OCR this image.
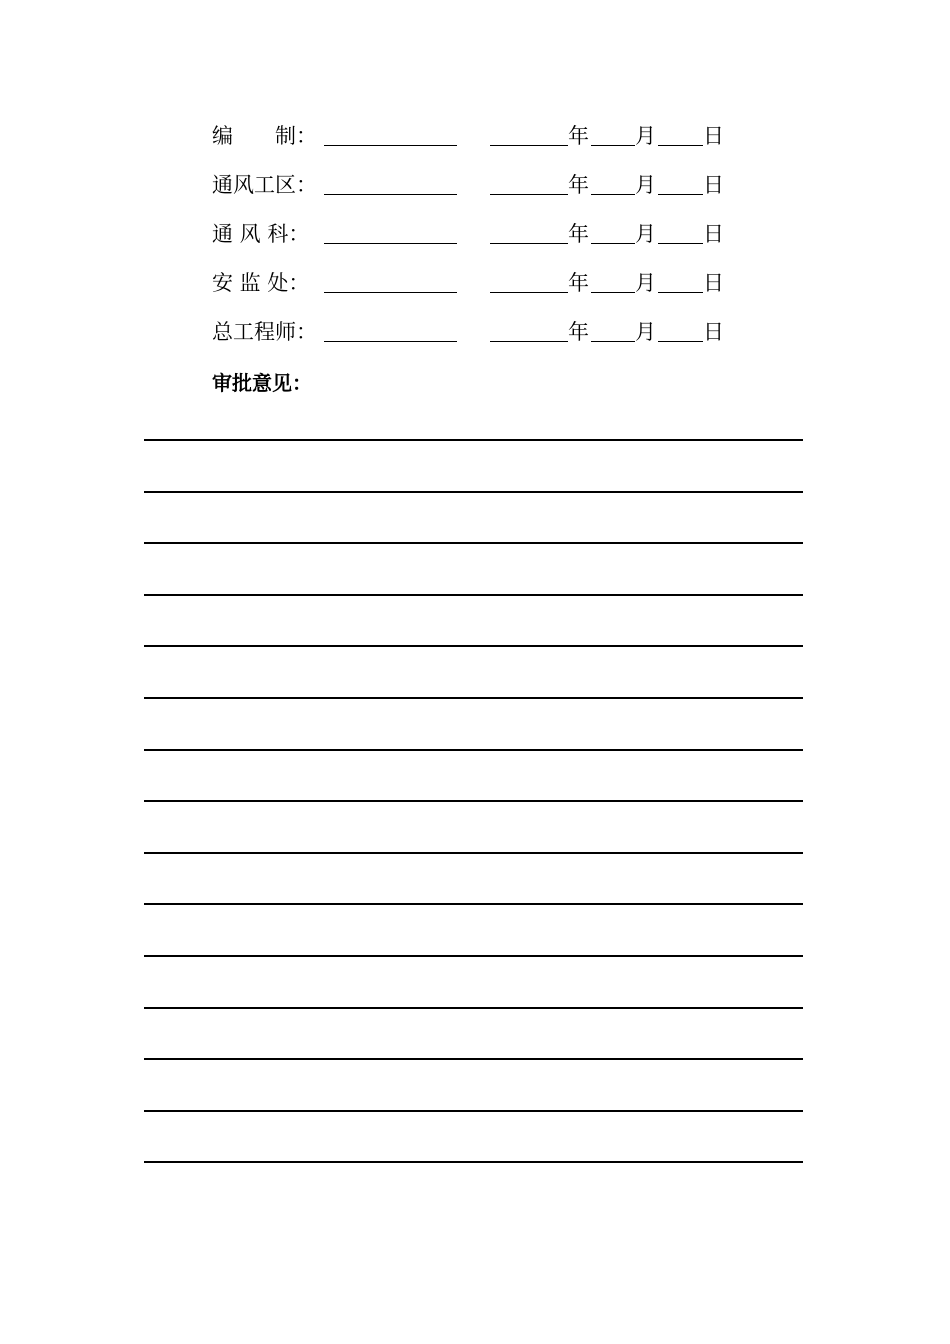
编　　制：	年 月 日
通风工区：	年 月 日
通 风 科：	年 月 日
安 监 处：	年 月 日
总工程师：	年 月 日
审批意见：
